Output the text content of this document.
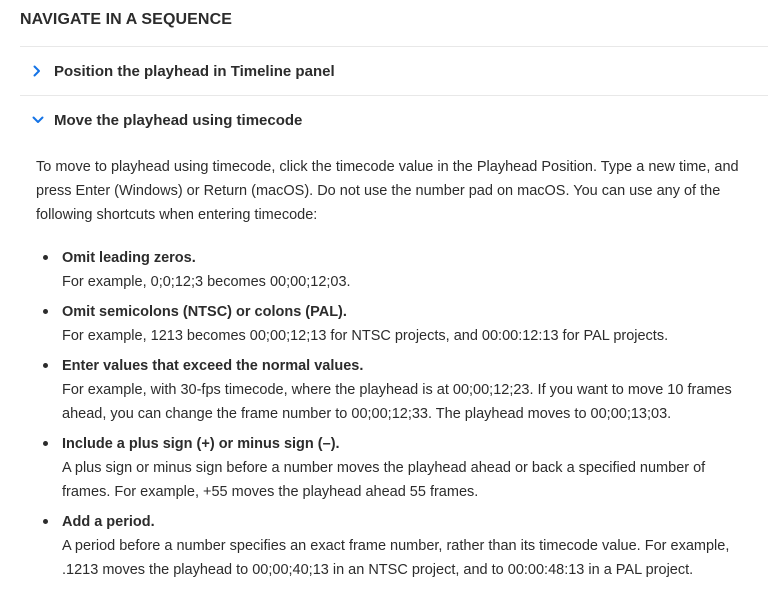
NAVIGATE IN A SEQUENCE
Position the playhead in Timeline panel
Move the playhead using timecode

To move to playhead using timecode, click the timecode value in the Playhead Position. Type a new time, and press Enter (Windows) or Return (macOS). Do not use the number pad on macOS. You can use any of the following shortcuts when entering timecode:

Omit leading zeros.
For example, 0;0;12;3 becomes 00;00;12;03.
Omit semicolons (NTSC) or colons (PAL).
For example, 1213 becomes 00;00;12;13 for NTSC projects, and 00:00:12:13 for PAL projects.
Enter values that exceed the normal values.
For example, with 30-fps timecode, where the playhead is at 00;00;12;23. If you want to move 10 frames ahead, you can change the frame number to 00;00;12;33. The playhead moves to 00;00;13;03.
Include a plus sign (+) or minus sign (–).
A plus sign or minus sign before a number moves the playhead ahead or back a specified number of frames. For example, +55 moves the playhead ahead 55 frames.
Add a period.
A period before a number specifies an exact frame number, rather than its timecode value. For example, .1213 moves the playhead to 00;00;40;13 in an NTSC project, and to 00:00:48:13 in a PAL project.
